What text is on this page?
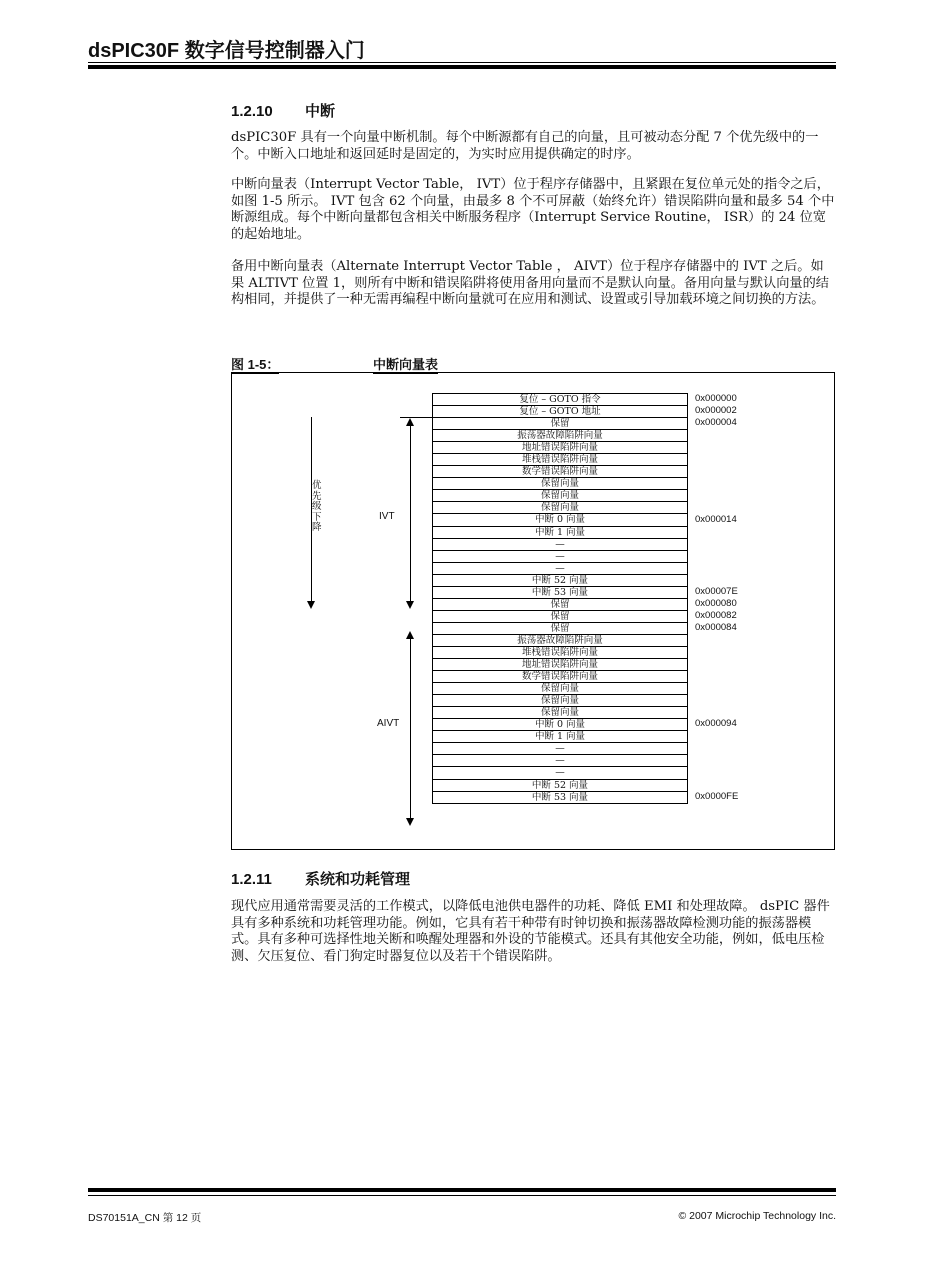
dsPIC30F 数字信号控制器入门
1.2.10 中断

dsPIC30F 具有一个向量中断机制。每个中断源都有自己的向量，且可被动态分配 7 个优先级中的一个。中断入口地址和返回延时是固定的，为实时应用提供确定的时序。

中断向量表（Interrupt Vector Table， IVT）位于程序存储器中，且紧跟在复位单元处的指令之后，如图 1-5 所示。 IVT 包含 62 个向量，由最多 8 个不可屏蔽（始终允许）错误陷阱向量和最多 54 个中断源组成。每个中断向量都包含相关中断服务程序（Interrupt Service Routine， ISR）的 24 位宽的起始地址。

备用中断向量表（Alternate Interrupt Vector Table ， AIVT）位于程序存储器中的 IVT 之后。如果 ALTIVT 位置 1，则所有中断和错误陷阱将使用备用向量而不是默认向量。备用向量与默认向量的结构相同，并提供了一种无需再编程中断向量就可在应用和测试、设置或引导加载环境之间切换的方法。

图 1-5：	中断向量表
复位 – GOTO 指令
复位 – GOTO 地址
保留
振荡器故障陷阱向量
地址错误陷阱向量
堆栈错误陷阱向量
数学错误陷阱向量
保留向量
保留向量
保留向量
中断 0 向量
中断 1 向量
—
—
—
中断 52 向量
中断 53 向量
保留
保留
保留
振荡器故障陷阱向量
堆栈错误陷阱向量
地址错误陷阱向量
数学错误陷阱向量
保留向量
保留向量
保留向量
中断 0 向量
中断 1 向量
—
—
—
中断 52 向量
中断 53 向量
0x000000
0x000002
0x000004
0x000014
0x00007E
0x000080
0x000082
0x000084
0x000094
0x0000FE
优先级下降
IVT
AIVT
1.2.11 系统和功耗管理

现代应用通常需要灵活的工作模式，以降低电池供电器件的功耗、降低 EMI 和处理故障。 dsPIC 器件具有多种系统和功耗管理功能。例如，它具有若干种带有时钟切换和振荡器故障检测功能的振荡器模式。具有多种可选择性地关断和唤醒处理器和外设的节能模式。还具有其他安全功能，例如，低电压检测、欠压复位、看门狗定时器复位以及若干个错误陷阱。

DS70151A_CN 第 12 页	© 2007 Microchip Technology Inc.
